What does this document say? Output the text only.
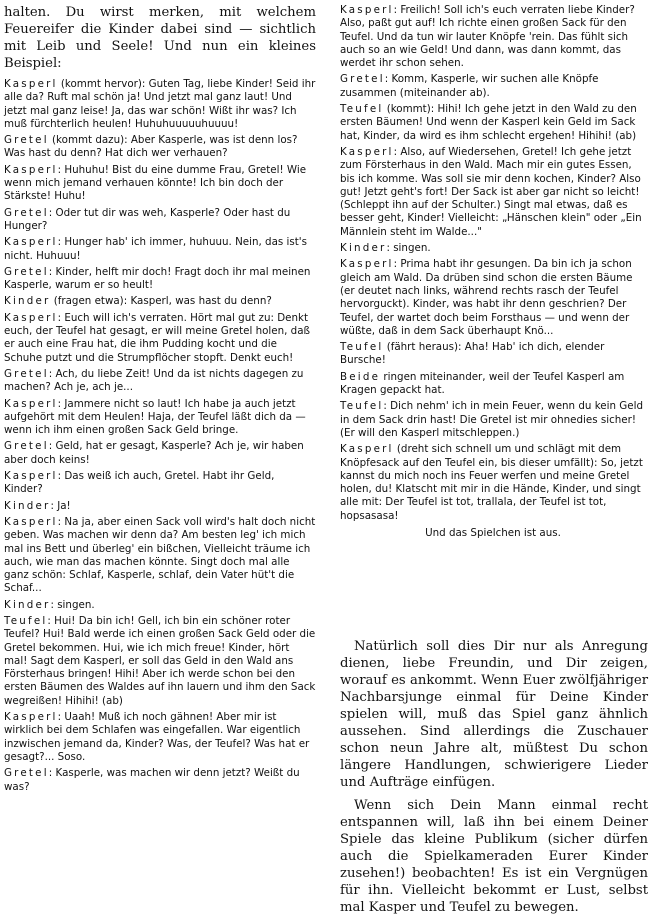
halten. Du wirst merken, mit welchem Feuereifer die Kinder dabei sind — sichtlich mit Leib und Seele! Und nun ein kleines Beispiel:

Kasperl (kommt hervor): Guten Tag, liebe Kinder! Seid ihr alle da? Ruft mal schön ja! Und jetzt mal ganz laut! Und jetzt mal ganz leise! Ja, das war schön! Wißt ihr was? Ich muß fürchterlich heulen! Huhuhuuuuuhuuuu!

Gretel (kommt dazu): Aber Kasperle, was ist denn los? Was hast du denn? Hat dich wer verhauen?

Kasperl: Huhuhu! Bist du eine dumme Frau, Gretel! Wie wenn mich jemand verhauen könnte! Ich bin doch der Stärkste! Huhu!

Gretel: Oder tut dir was weh, Kasperle? Oder hast du Hunger?

Kasperl: Hunger hab' ich immer, huhuuu. Nein, das ist's nicht. Huhuuu!

Gretel: Kinder, helft mir doch! Fragt doch ihr mal meinen Kasperle, warum er so heult!

Kinder (fragen etwa): Kasperl, was hast du denn?

Kasperl: Euch will ich's verraten. Hört mal gut zu: Denkt euch, der Teufel hat gesagt, er will meine Gretel holen, daß er auch eine Frau hat, die ihm Pudding kocht und die Schuhe putzt und die Strumpflöcher stopft. Denkt euch!

Gretel: Ach, du liebe Zeit! Und da ist nichts dagegen zu machen? Ach je, ach je...

Kasperl: Jammere nicht so laut! Ich habe ja auch jetzt aufgehört mit dem Heulen! Haja, der Teufel läßt dich da — wenn ich ihm einen großen Sack Geld bringe.

Gretel: Geld, hat er gesagt, Kasperle? Ach je, wir haben aber doch keins!

Kasperl: Das weiß ich auch, Gretel. Habt ihr Geld, Kinder?

Kinder: Ja!

Kasperl: Na ja, aber einen Sack voll wird's halt doch nicht geben. Was machen wir denn da? Am besten leg' ich mich mal ins Bett und überleg' ein bißchen, Vielleicht träume ich auch, wie man das machen könnte. Singt doch mal alle ganz schön: Schlaf, Kasperle, schlaf, dein Vater hüt't die Schaf...

Kinder: singen.

Teufel: Hui! Da bin ich! Gell, ich bin ein schöner roter Teufel? Hui! Bald werde ich einen großen Sack Geld oder die Gretel bekommen. Hui, wie ich mich freue! Kinder, hört mal! Sagt dem Kasperl, er soll das Geld in den Wald ans Försterhaus bringen! Hihi! Aber ich werde schon bei den ersten Bäumen des Waldes auf ihn lauern und ihm den Sack wegreißen! Hihihi! (ab)

Kasperl: Uaah! Muß ich noch gähnen! Aber mir ist wirklich bei dem Schlafen was eingefallen. War eigentlich inzwischen jemand da, Kinder? Was, der Teufel? Was hat er gesagt?... Soso.

Gretel: Kasperle, was machen wir denn jetzt? Weißt du was?

Kasperl: Freilich! Soll ich's euch verraten liebe Kinder? Also, paßt gut auf! Ich richte einen großen Sack für den Teufel. Und da tun wir lauter Knöpfe 'rein. Das fühlt sich auch so an wie Geld! Und dann, was dann kommt, das werdet ihr schon sehen.

Gretel: Komm, Kasperle, wir suchen alle Knöpfe zusammen (miteinander ab).

Teufel (kommt): Hihi! Ich gehe jetzt in den Wald zu den ersten Bäumen! Und wenn der Kasperl kein Geld im Sack hat, Kinder, da wird es ihm schlecht ergehen! Hihihi! (ab)

Kasperl: Also, auf Wiedersehen, Gretel! Ich gehe jetzt zum Försterhaus in den Wald. Mach mir ein gutes Essen, bis ich komme. Was soll sie mir denn kochen, Kinder? Also gut! Jetzt geht's fort! Der Sack ist aber gar nicht so leicht! (Schleppt ihn auf der Schulter.) Singt mal etwas, daß es besser geht, Kinder! Vielleicht: „Hänschen klein" oder „Ein Männlein steht im Walde..."

Kinder: singen.

Kasperl: Prima habt ihr gesungen. Da bin ich ja schon gleich am Wald. Da drüben sind schon die ersten Bäume (er deutet nach links, während rechts rasch der Teufel hervorguckt). Kinder, was habt ihr denn geschrien? Der Teufel, der wartet doch beim Forsthaus — und wenn der wüßte, daß in dem Sack überhaupt Knö...

Teufel (fährt heraus): Aha! Hab' ich dich, elender Bursche!

Beide ringen miteinander, weil der Teufel Kasperl am Kragen gepackt hat.

Teufel: Dich nehm' ich in mein Feuer, wenn du kein Geld in dem Sack drin hast! Die Gretel ist mir ohnedies sicher! (Er will den Kasperl mitschleppen.)

Kasperl (dreht sich schnell um und schlägt mit dem Knöpfesack auf den Teufel ein, bis dieser umfällt): So, jetzt kannst du mich noch ins Feuer werfen und meine Gretel holen, du! Klatscht mit mir in die Hände, Kinder, und singt alle mit: Der Teufel ist tot, trallala, der Teufel ist tot, hopsasasa!

Und das Spielchen ist aus.

Natürlich soll dies Dir nur als Anregung dienen, liebe Freundin, und Dir zeigen, worauf es ankommt. Wenn Euer zwölfjähriger Nachbarsjunge einmal für Deine Kinder spielen will, muß das Spiel ganz ähnlich aussehen. Sind allerdings die Zuschauer schon neun Jahre alt, müßtest Du schon längere Handlungen, schwierigere Lieder und Aufträge einfügen.

Wenn sich Dein Mann einmal recht entspannen will, laß ihn bei einem Deiner Spiele das kleine Publikum (sicher dürfen auch die Spielkameraden Eurer Kinder zusehen!) beobachten! Es ist ein Vergnügen für ihn. Vielleicht bekommt er Lust, selbst mal Kasper und Teufel zu bewegen.
